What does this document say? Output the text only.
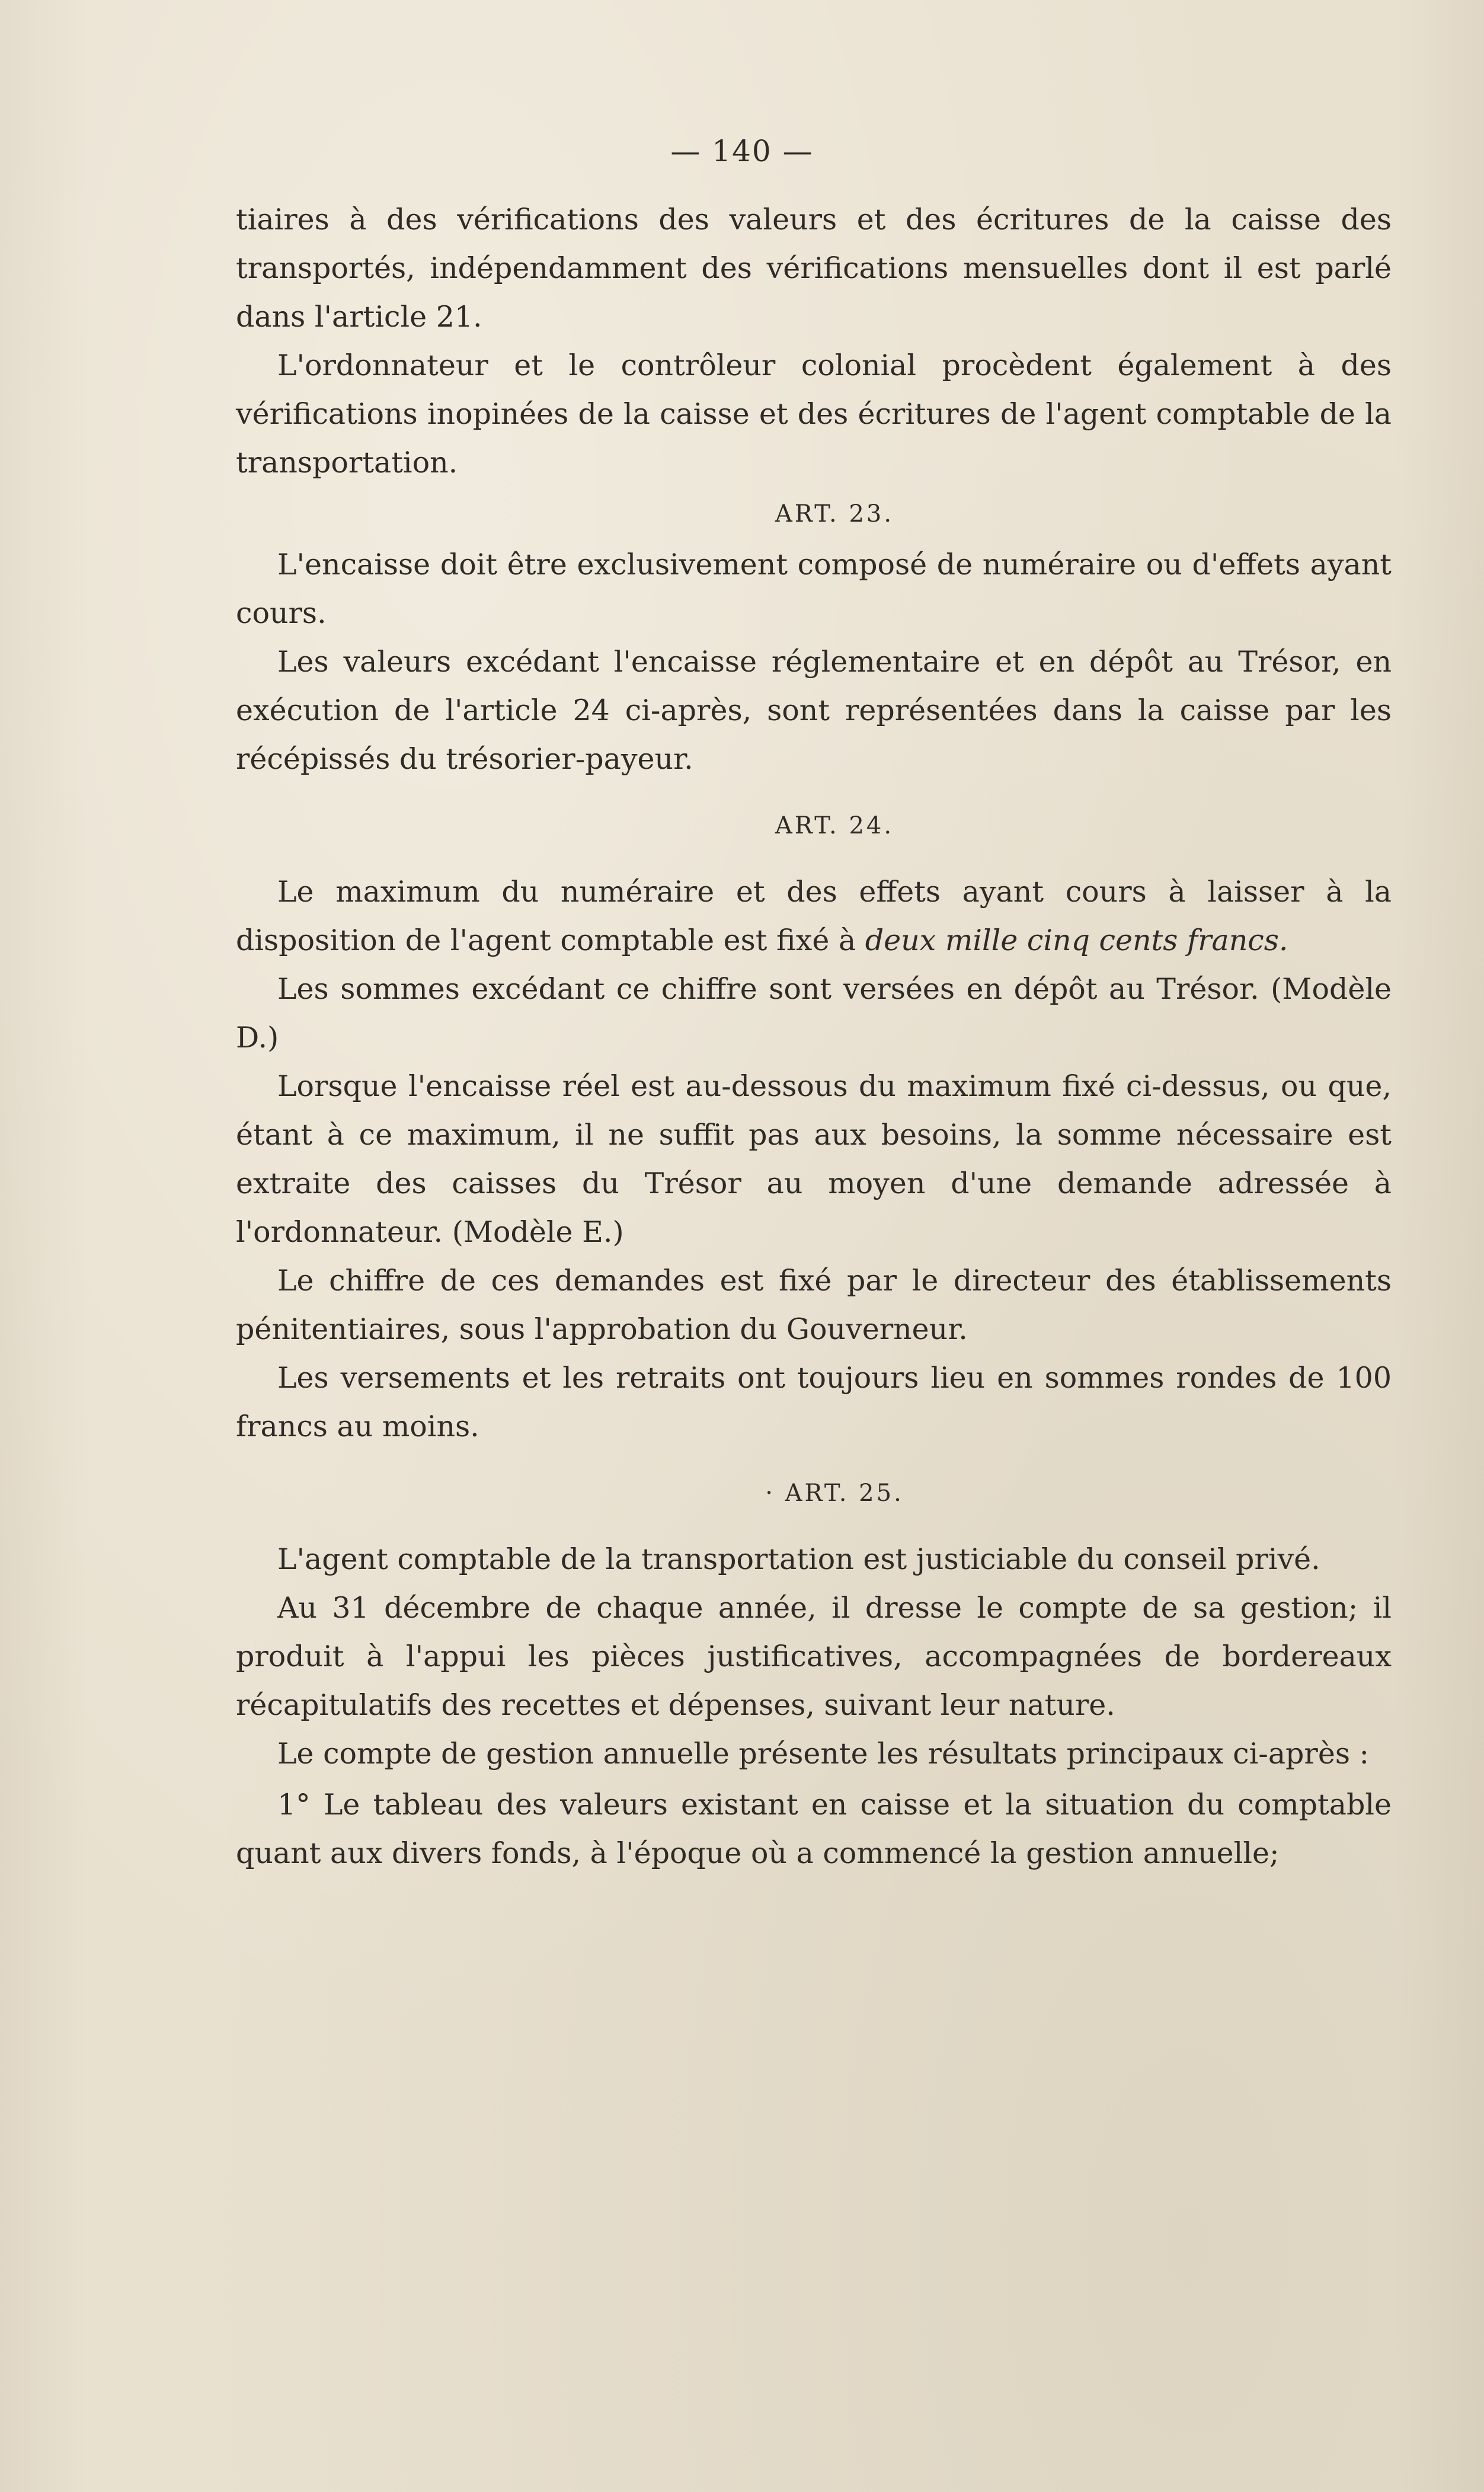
— 140 —

tiaires à des vérifications des valeurs et des écritures de la caisse des transportés, indépendamment des vérifications mensuelles dont il est parlé dans l'article 21.

L'ordonnateur et le contrôleur colonial procèdent également à des vérifications inopinées de la caisse et des écritures de l'agent comptable de la transportation.

ART. 23.

L'encaisse doit être exclusivement composé de numéraire ou d'effets ayant cours.

Les valeurs excédant l'encaisse réglementaire et en dépôt au Trésor, en exécution de l'article 24 ci-après, sont représentées dans la caisse par les récépissés du trésorier-payeur.

ART. 24.

Le maximum du numéraire et des effets ayant cours à laisser à la disposition de l'agent comptable est fixé à deux mille cinq cents francs.

Les sommes excédant ce chiffre sont versées en dépôt au Trésor. (Modèle D.)

Lorsque l'encaisse réel est au-dessous du maximum fixé ci-dessus, ou que, étant à ce maximum, il ne suffit pas aux besoins, la somme nécessaire est extraite des caisses du Trésor au moyen d'une demande adressée à l'ordonnateur. (Modèle E.)

Le chiffre de ces demandes est fixé par le directeur des établissements pénitentiaires, sous l'approbation du Gouverneur.

Les versements et les retraits ont toujours lieu en sommes rondes de 100 francs au moins.

· ART. 25.

L'agent comptable de la transportation est justiciable du conseil privé.

Au 31 décembre de chaque année, il dresse le compte de sa gestion; il produit à l'appui les pièces justificatives, accompagnées de bordereaux récapitulatifs des recettes et dépenses, suivant leur nature.

Le compte de gestion annuelle présente les résultats principaux ci-après :

1° Le tableau des valeurs existant en caisse et la situation du comptable quant aux divers fonds, à l'époque où a commencé la gestion annuelle;
